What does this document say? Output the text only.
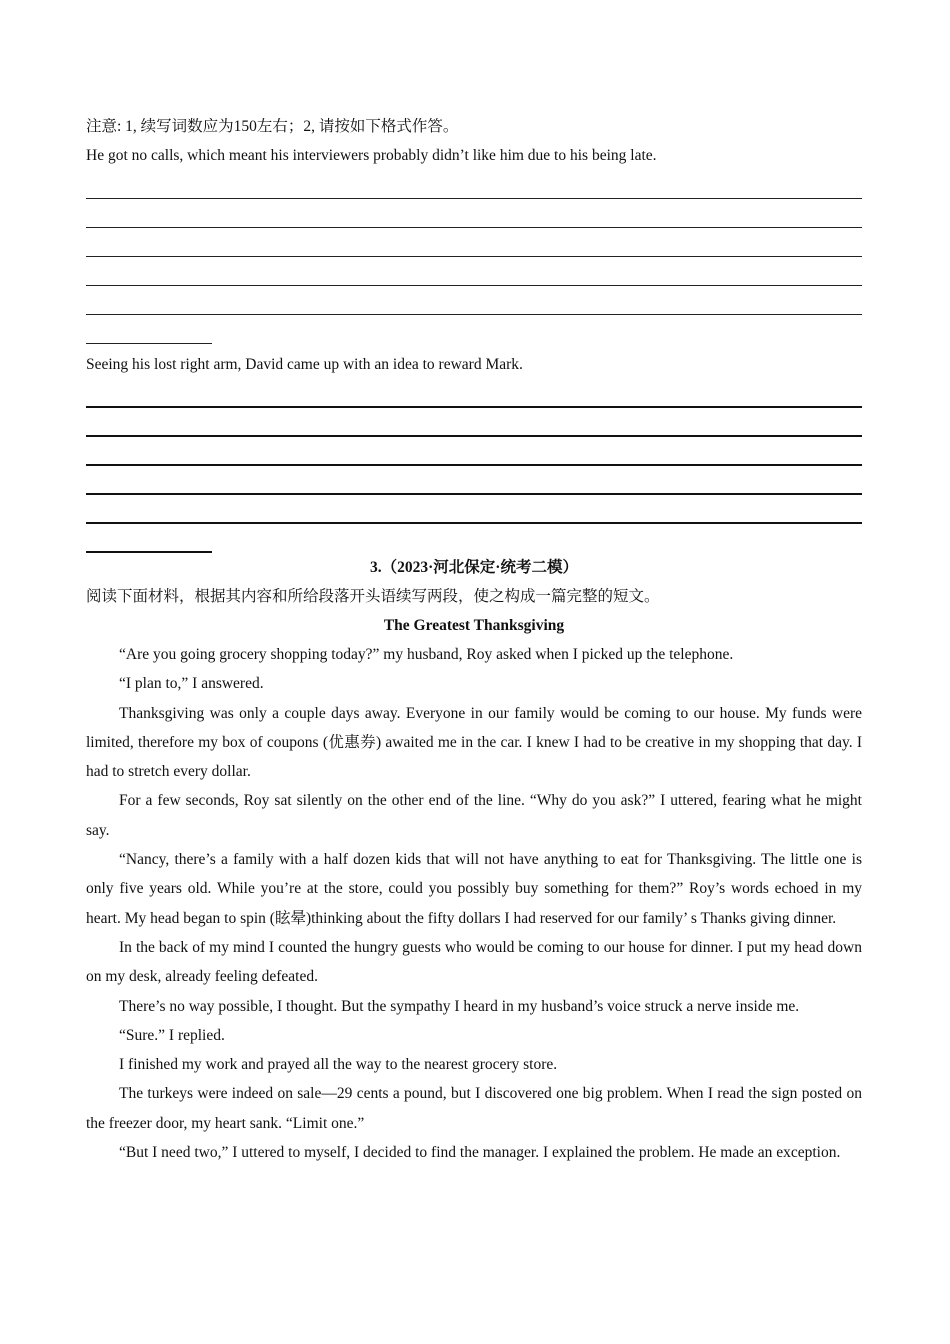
注意: 1, 续写词数应为150左右；2, 请按如下格式作答。

He got no calls, which meant his interviewers probably didn’t like him due to his being late.

Seeing his lost right arm, David came up with an idea to reward Mark.

3.（2023·河北保定·统考二模）

阅读下面材料，根据其内容和所给段落开头语续写两段，使之构成一篇完整的短文。

The Greatest Thanksgiving

“Are you going grocery shopping today?” my husband, Roy asked when I picked up the telephone.

“I plan to,” I answered.

Thanksgiving was only a couple days away. Everyone in our family would be coming to our house. My funds were limited, therefore my box of coupons (优惠券) awaited me in the car. I knew I had to be creative in my shopping that day. I had to stretch every dollar.

For a few seconds, Roy sat silently on the other end of the line. “Why do you ask?” I uttered, fearing what he might say.

“Nancy, there’s a family with a half dozen kids that will not have anything to eat for Thanksgiving. The little one is only five years old. While you’re at the store, could you possibly buy something for them?” Roy’s words echoed in my heart. My head began to spin (眩晕)thinking about the fifty dollars I had reserved for our family’ s Thanks giving dinner.

In the back of my mind I counted the hungry guests who would be coming to our house for dinner. I put my head down on my desk, already feeling defeated.

There’s no way possible, I thought. But the sympathy I heard in my husband’s voice struck a nerve inside me.

“Sure.” I replied.

I finished my work and prayed all the way to the nearest grocery store.

The turkeys were indeed on sale—29 cents a pound, but I discovered one big problem. When I read the sign posted on the freezer door, my heart sank. “Limit one.”

“But I need two,” I uttered to myself, I decided to find the manager. I explained the problem. He made an exception.
